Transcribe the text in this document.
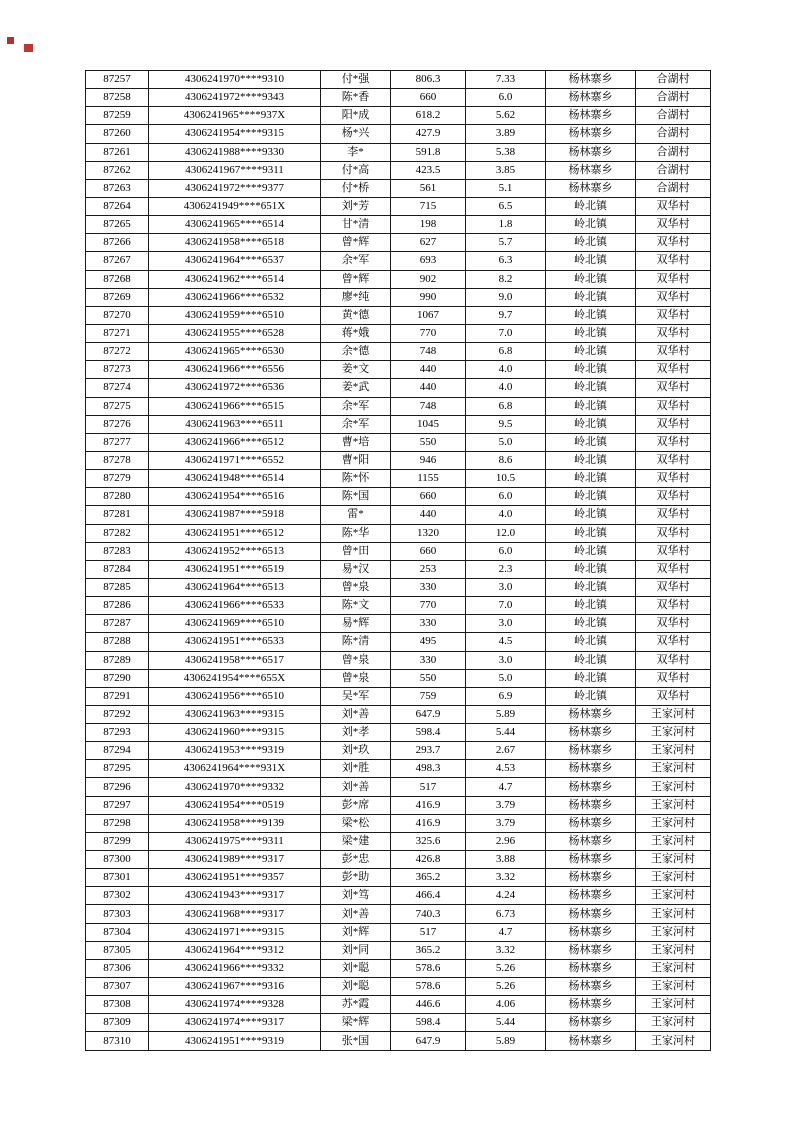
87257	4306241970****9310	付*强	806.3	7.33	杨林寨乡	合湖村
87258	4306241972****9343	陈*香	660	6.0	杨林寨乡	合湖村
87259	4306241965****937X	阳*成	618.2	5.62	杨林寨乡	合湖村
87260	4306241954****9315	杨*兴	427.9	3.89	杨林寨乡	合湖村
87261	4306241988****9330	李*	591.8	5.38	杨林寨乡	合湖村
87262	4306241967****9311	付*高	423.5	3.85	杨林寨乡	合湖村
87263	4306241972****9377	付*桥	561	5.1	杨林寨乡	合湖村
87264	4306241949****651X	刘*芳	715	6.5	岭北镇	双华村
87265	4306241965****6514	甘*清	198	1.8	岭北镇	双华村
87266	4306241958****6518	曾*辉	627	5.7	岭北镇	双华村
87267	4306241964****6537	余*军	693	6.3	岭北镇	双华村
87268	4306241962****6514	曾*辉	902	8.2	岭北镇	双华村
87269	4306241966****6532	廖*纯	990	9.0	岭北镇	双华村
87270	4306241959****6510	黄*德	1067	9.7	岭北镇	双华村
87271	4306241955****6528	蒋*娥	770	7.0	岭北镇	双华村
87272	4306241965****6530	余*德	748	6.8	岭北镇	双华村
87273	4306241966****6556	姜*文	440	4.0	岭北镇	双华村
87274	4306241972****6536	姜*武	440	4.0	岭北镇	双华村
87275	4306241966****6515	余*军	748	6.8	岭北镇	双华村
87276	4306241963****6511	余*军	1045	9.5	岭北镇	双华村
87277	4306241966****6512	曹*培	550	5.0	岭北镇	双华村
87278	4306241971****6552	曹*阳	946	8.6	岭北镇	双华村
87279	4306241948****6514	陈*怀	1155	10.5	岭北镇	双华村
87280	4306241954****6516	陈*国	660	6.0	岭北镇	双华村
87281	4306241987****5918	雷*	440	4.0	岭北镇	双华村
87282	4306241951****6512	陈*华	1320	12.0	岭北镇	双华村
87283	4306241952****6513	曾*田	660	6.0	岭北镇	双华村
87284	4306241951****6519	易*汉	253	2.3	岭北镇	双华村
87285	4306241964****6513	曾*泉	330	3.0	岭北镇	双华村
87286	4306241966****6533	陈*文	770	7.0	岭北镇	双华村
87287	4306241969****6510	易*辉	330	3.0	岭北镇	双华村
87288	4306241951****6533	陈*清	495	4.5	岭北镇	双华村
87289	4306241958****6517	曾*泉	330	3.0	岭北镇	双华村
87290	4306241954****655X	曾*泉	550	5.0	岭北镇	双华村
87291	4306241956****6510	吴*军	759	6.9	岭北镇	双华村
87292	4306241963****9315	刘*善	647.9	5.89	杨林寨乡	王家河村
87293	4306241960****9315	刘*孝	598.4	5.44	杨林寨乡	王家河村
87294	4306241953****9319	刘*玖	293.7	2.67	杨林寨乡	王家河村
87295	4306241964****931X	刘*胜	498.3	4.53	杨林寨乡	王家河村
87296	4306241970****9332	刘*善	517	4.7	杨林寨乡	王家河村
87297	4306241954****0519	彭*席	416.9	3.79	杨林寨乡	王家河村
87298	4306241958****9139	梁*松	416.9	3.79	杨林寨乡	王家河村
87299	4306241975****9311	梁*建	325.6	2.96	杨林寨乡	王家河村
87300	4306241989****9317	彭*忠	426.8	3.88	杨林寨乡	王家河村
87301	4306241951****9357	彭*助	365.2	3.32	杨林寨乡	王家河村
87302	4306241943****9317	刘*笃	466.4	4.24	杨林寨乡	王家河村
87303	4306241968****9317	刘*善	740.3	6.73	杨林寨乡	王家河村
87304	4306241971****9315	刘*辉	517	4.7	杨林寨乡	王家河村
87305	4306241964****9312	刘*同	365.2	3.32	杨林寨乡	王家河村
87306	4306241966****9332	刘*聪	578.6	5.26	杨林寨乡	王家河村
87307	4306241967****9316	刘*聪	578.6	5.26	杨林寨乡	王家河村
87308	4306241974****9328	苏*霞	446.6	4.06	杨林寨乡	王家河村
87309	4306241974****9317	梁*辉	598.4	5.44	杨林寨乡	王家河村
87310	4306241951****9319	张*国	647.9	5.89	杨林寨乡	王家河村
